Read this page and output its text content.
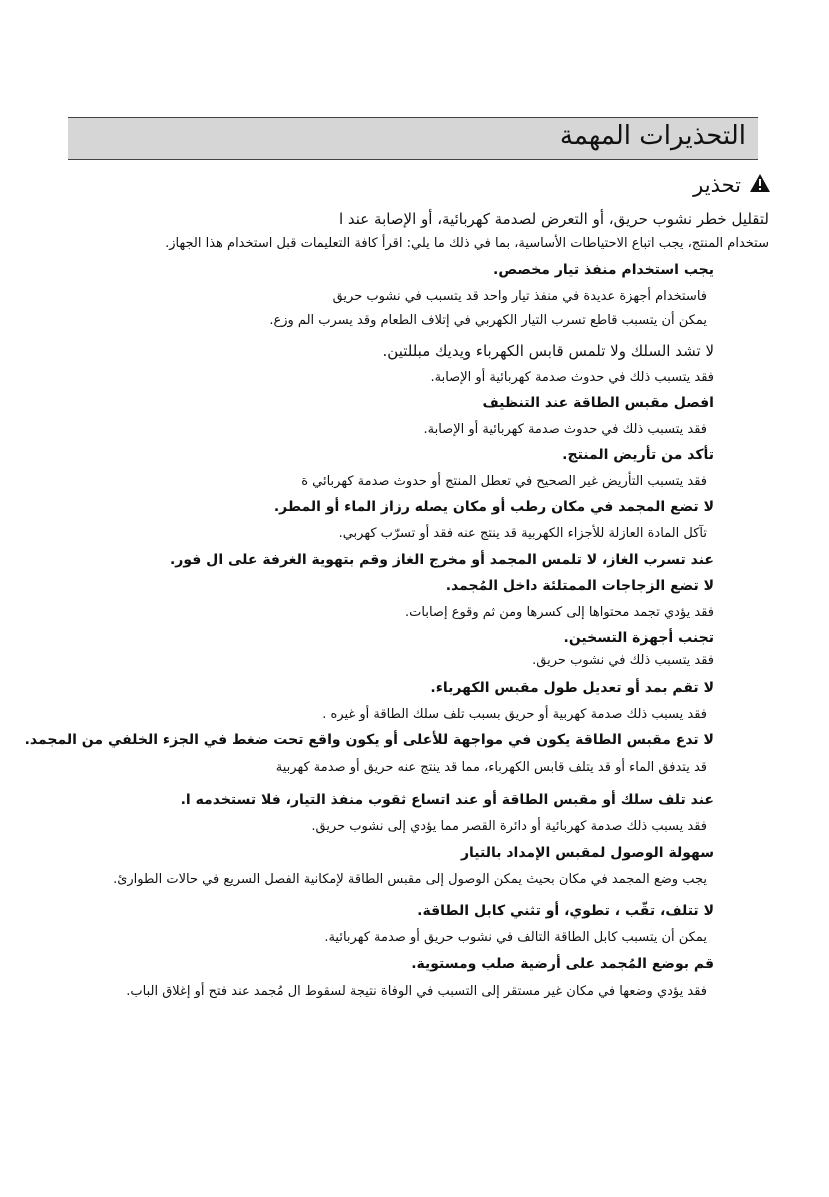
التحذيرات المهمة
تحذير
لتقليل خطر نشوب حريق، أو التعرض لصدمة كهربائية، أو الإصابة عند ا
ستخدام المنتج، يجب اتباع الاحتياطات الأساسية، بما في ذلك ما يلي: اقرأ كافة التعليمات قبل استخدام هذا الجهاز.
يجب استخدام منفذ تيار مخصص.
فاستخدام أجهزة عديدة في منفذ تيار واحد قد يتسبب في نشوب حريق
يمكن أن يتسبب قاطع تسرب التيار الكهربي في إتلاف الطعام وقد يسرب الم وزع.
لا تشد السلك ولا تلمس قابس الكهرباء ويديك مبللتين.
فقد يتسبب ذلك في حدوث صدمة كهربائية أو الإصابة.
افصل مقبس الطاقة عند التنظيف
فقد يتسبب ذلك في حدوث صدمة كهربائية أو الإصابة.
تأكد من تأريض المنتج.
فقد يتسبب التأريض غير الصحيح في تعطل المنتج أو حدوث صدمة كهربائي ة
لا تضع المجمد في مكان رطب أو مكان يصله رزاز الماء أو المطر.
تآكل المادة العازلة للأجزاء الكهربية قد ينتج عنه فقد أو تسرّب كهربي.
عند تسرب الغاز، لا تلمس المجمد أو مخرج الغاز وقم بتهوية الغرفة على ال فور.
لا تضع الزجاجات الممتلئة داخل المُجمد.
فقد يؤدي تجمد محتواها إلى كسرها ومن ثم وقوع إصابات.
تجنب أجهزة التسخين.
فقد يتسبب ذلك في نشوب حريق.
لا تقم بمد أو تعديل طول مقبس الكهرباء.
فقد يسبب ذلك صدمة كهربية أو حريق بسبب تلف سلك الطاقة أو غيره .
لا تدع مقبس الطاقة يكون في مواجهة للأعلى أو يكون واقع تحت ضغط في الجزء الخلفي من المجمد.
قد يتدفق الماء أو قد يتلف قابس الكهرباء، مما قد ينتج عنه حريق أو صدمة كهربية
عند تلف سلك أو مقبس الطاقة أو عند اتساع ثقوب منفذ التيار، فلا تستخدمه ا.
فقد يسبب ذلك صدمة كهربائية أو دائرة القصر مما يؤدي إلى نشوب حريق.
سهولة الوصول لمقبس الإمداد بالتيار
يجب وضع المجمد في مكان بحيث يمكن الوصول إلى مقبس الطاقة لإمكانية الفصل السريع في حالات الطوارئ.
لا تتلف، تقّب ، تطوي، أو تثني كابل الطاقة.
يمكن أن يتسبب كابل الطاقة التالف في نشوب حريق أو صدمة كهربائية.
قم بوضع المُجمد على أرضية صلب ومستوية.
فقد يؤدي وضعها في مكان غير مستقر إلى التسبب في الوفاة نتيجة لسقوط ال مُجمد عند فتح أو إغلاق الباب.
